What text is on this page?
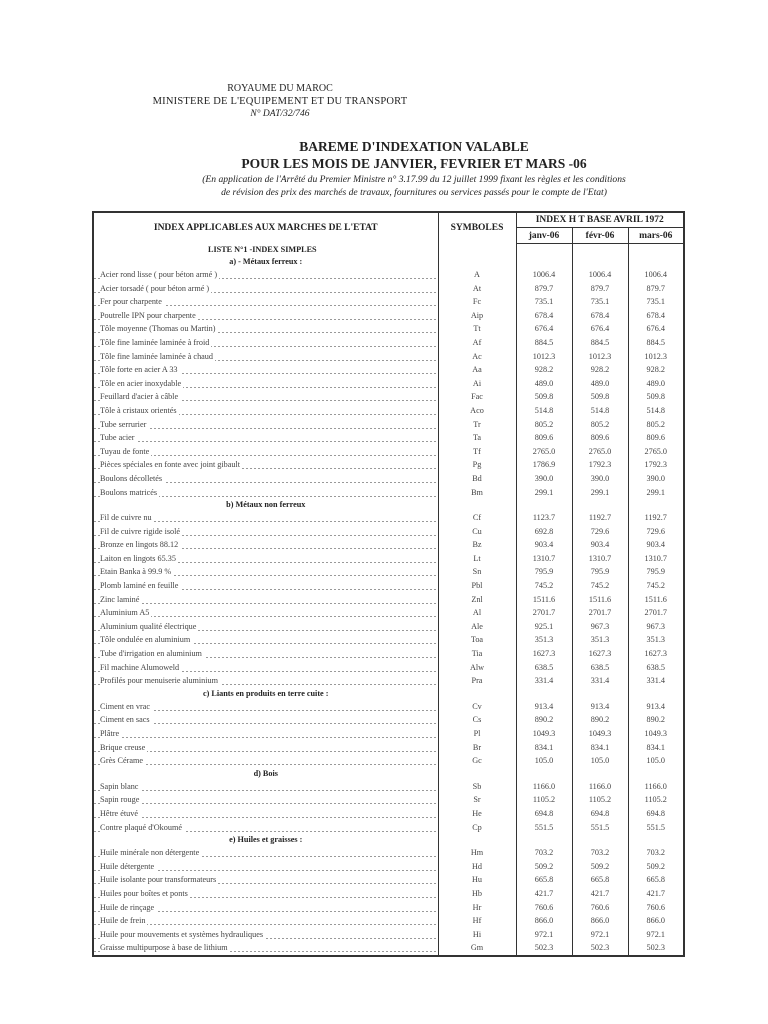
ROYAUME DU MAROC
MINISTERE DE L'EQUIPEMENT ET DU TRANSPORT
N° DAT/32/746
BAREME D'INDEXATION VALABLE
POUR LES MOIS DE JANVIER, FEVRIER ET MARS -06
(En application de l'Arrêté du Premier Ministre n° 3.17.99 du 12 juillet 1999 fixant les règles et les conditions
de révision des prix des marchés de travaux, fournitures ou services passés pour le compte de l'Etat)
INDEX APPLICABLES AUX MARCHES DE L'ETAT	SYMBOLES	INDEX H T BASE AVRIL 1972		
		janv-06	févr-06	mars-06
LISTE N°1 -INDEX SIMPLES				
a) - Métaux ferreux :				
Acier rond lisse ( pour béton armé )	A	1006.4	1006.4	1006.4
Acier torsadé ( pour béton armé )	At	879.7	879.7	879.7
Fer pour charpente	Fc	735.1	735.1	735.1
Poutrelle IPN pour charpente	Aip	678.4	678.4	678.4
Tôle moyenne (Thomas ou Martin)	Tt	676.4	676.4	676.4
Tôle fine laminée laminée à froid	Af	884.5	884.5	884.5
Tôle fine laminée laminée à chaud	Ac	1012.3	1012.3	1012.3
Tôle forte en acier A 33	Aa	928.2	928.2	928.2
Tôle en acier inoxydable	Ai	489.0	489.0	489.0
Feuillard d'acier à câble	Fac	509.8	509.8	509.8
Tôle à cristaux orientés	Aco	514.8	514.8	514.8
Tube serrurier	Tr	805.2	805.2	805.2
Tube acier	Ta	809.6	809.6	809.6
Tuyau de fonte	Tf	2765.0	2765.0	2765.0
Pièces spéciales en fonte avec joint gibault	Pg	1786.9	1792.3	1792.3
Boulons décolletés	Bd	390.0	390.0	390.0
Boulons matricés	Bm	299.1	299.1	299.1
b) Métaux non ferreux				
Fil de cuivre nu	Cf	1123.7	1192.7	1192.7
Fil de cuivre rigide isolé	Cu	692.8	729.6	729.6
Bronze en lingots 88.12	Bz	903.4	903.4	903.4
Laiton en lingots 65.35	Lt	1310.7	1310.7	1310.7
Etain Banka à 99.9 %	Sn	795.9	795.9	795.9
Plomb laminé en feuille	Pbl	745.2	745.2	745.2
Zinc laminé	Znl	1511.6	1511.6	1511.6
Aluminium A5	Al	2701.7	2701.7	2701.7
Aluminium qualité électrique	Ale	925.1	967.3	967.3
Tôle ondulée en aluminium	Toa	351.3	351.3	351.3
Tube d'irrigation en aluminium	Tia	1627.3	1627.3	1627.3
Fil machine Alumoweld	Alw	638.5	638.5	638.5
Profilés pour menuiserie aluminium	Pra	331.4	331.4	331.4
c) Liants en produits en terre cuite :				
Ciment en vrac	Cv	913.4	913.4	913.4
Ciment en sacs	Cs	890.2	890.2	890.2
Plâtre	Pl	1049.3	1049.3	1049.3
Brique creuse	Br	834.1	834.1	834.1
Grès Cérame	Gc	105.0	105.0	105.0
d) Bois				
Sapin blanc	Sb	1166.0	1166.0	1166.0
Sapin rouge	Sr	1105.2	1105.2	1105.2
Hêtre étuvé	He	694.8	694.8	694.8
Contre plaqué d'Okoumé	Cp	551.5	551.5	551.5
e) Huiles et graisses :				
Huile minérale non détergente	Hm	703.2	703.2	703.2
Huile détergente	Hd	509.2	509.2	509.2
Huile isolante pour transformateurs	Hu	665.8	665.8	665.8
Huiles pour boîtes et ponts	Hb	421.7	421.7	421.7
Huile de rinçage	Hr	760.6	760.6	760.6
Huile de frein	Hf	866.0	866.0	866.0
Huile pour mouvements et systèmes hydrauliques	Hi	972.1	972.1	972.1
Graisse multipurpose à base de lithium	Gm	502.3	502.3	502.3
